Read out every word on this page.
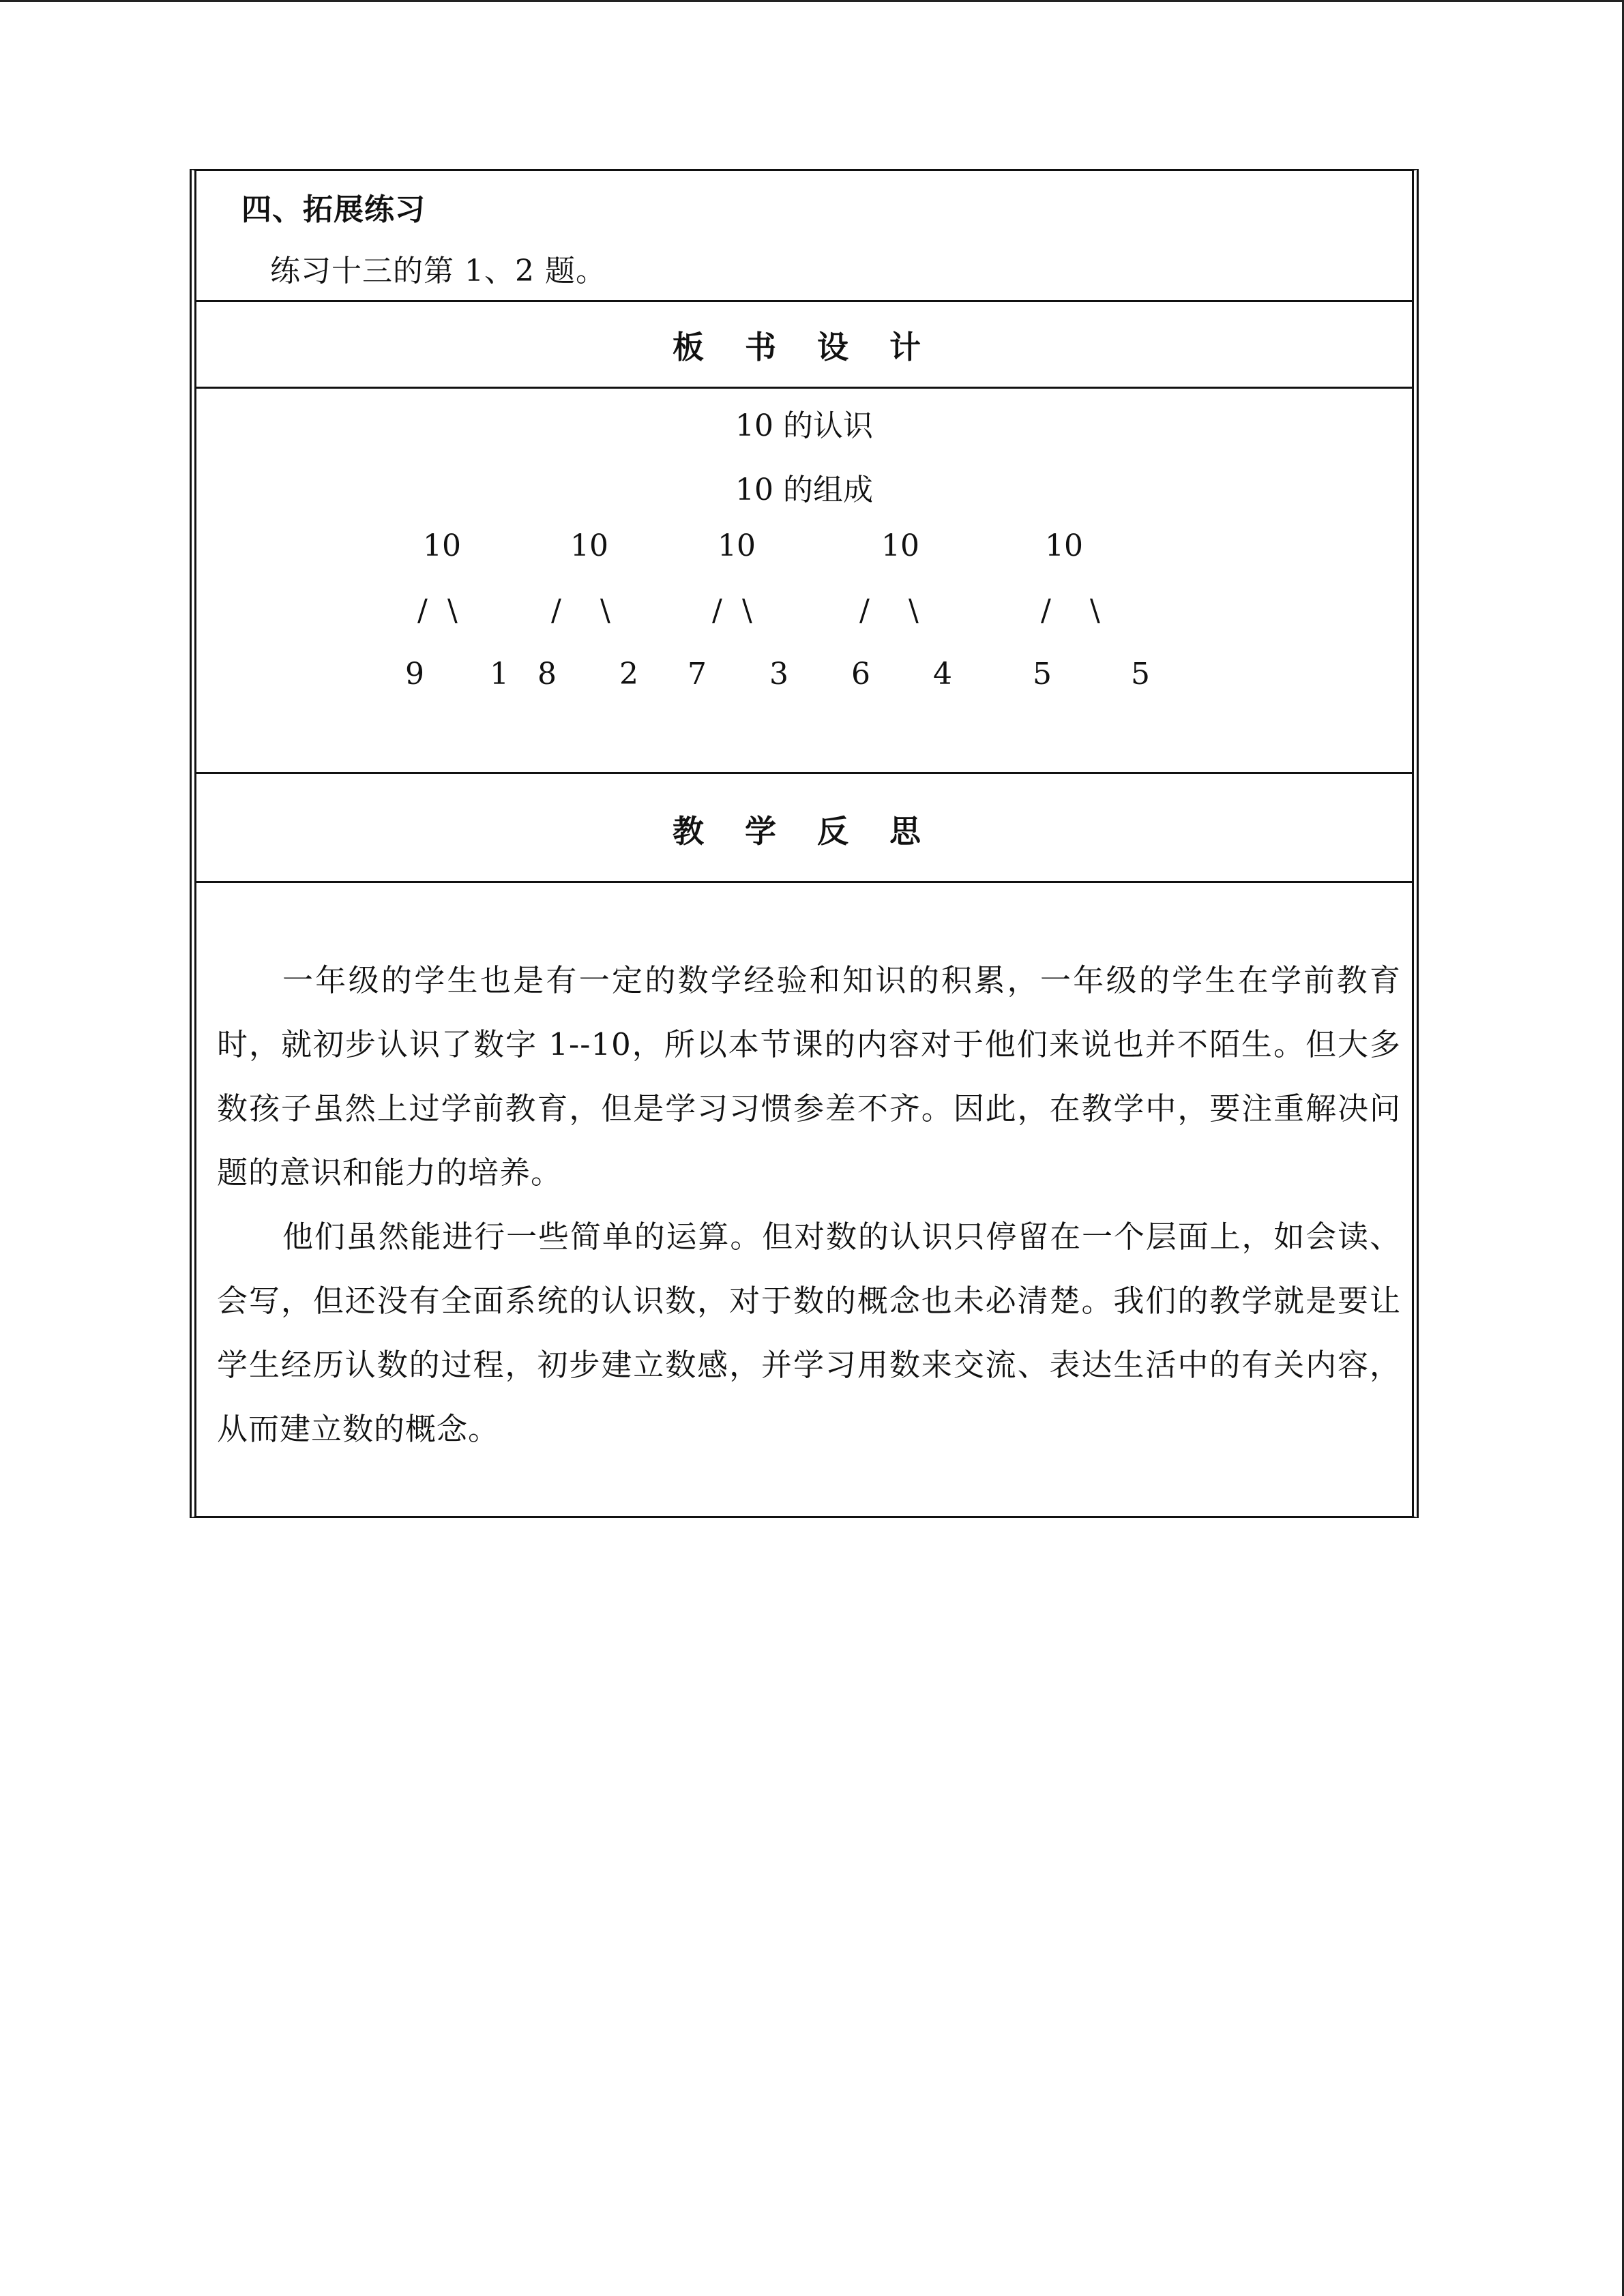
四、拓展练习
练习十三的第 1、2 题。
板 书 设 计
10 的认识
10 的组成
10
/ \
9 1
10
/ \
8 2
10
/ \
7 3
10
/ \
6 4
10
/ \
5	5
教 学 反 思

一年级的学生也是有一定的数学经验和知识的积累，一年级的学生在学前教育时，就初步认识了数字 1--10，所以本节课的内容对于他们来说也并不陌生。但大多数孩子虽然上过学前教育，但是学习习惯参差不齐。因此，在教学中，要注重解决问题的意识和能力的培养。

他们虽然能进行一些简单的运算。但对数的认识只停留在一个层面上，如会读、会写，但还没有全面系统的认识数，对于数的概念也未必清楚。我们的教学就是要让学生经历认数的过程，初步建立数感，并学习用数来交流、表达生活中的有关内容，从而建立数的概念。
